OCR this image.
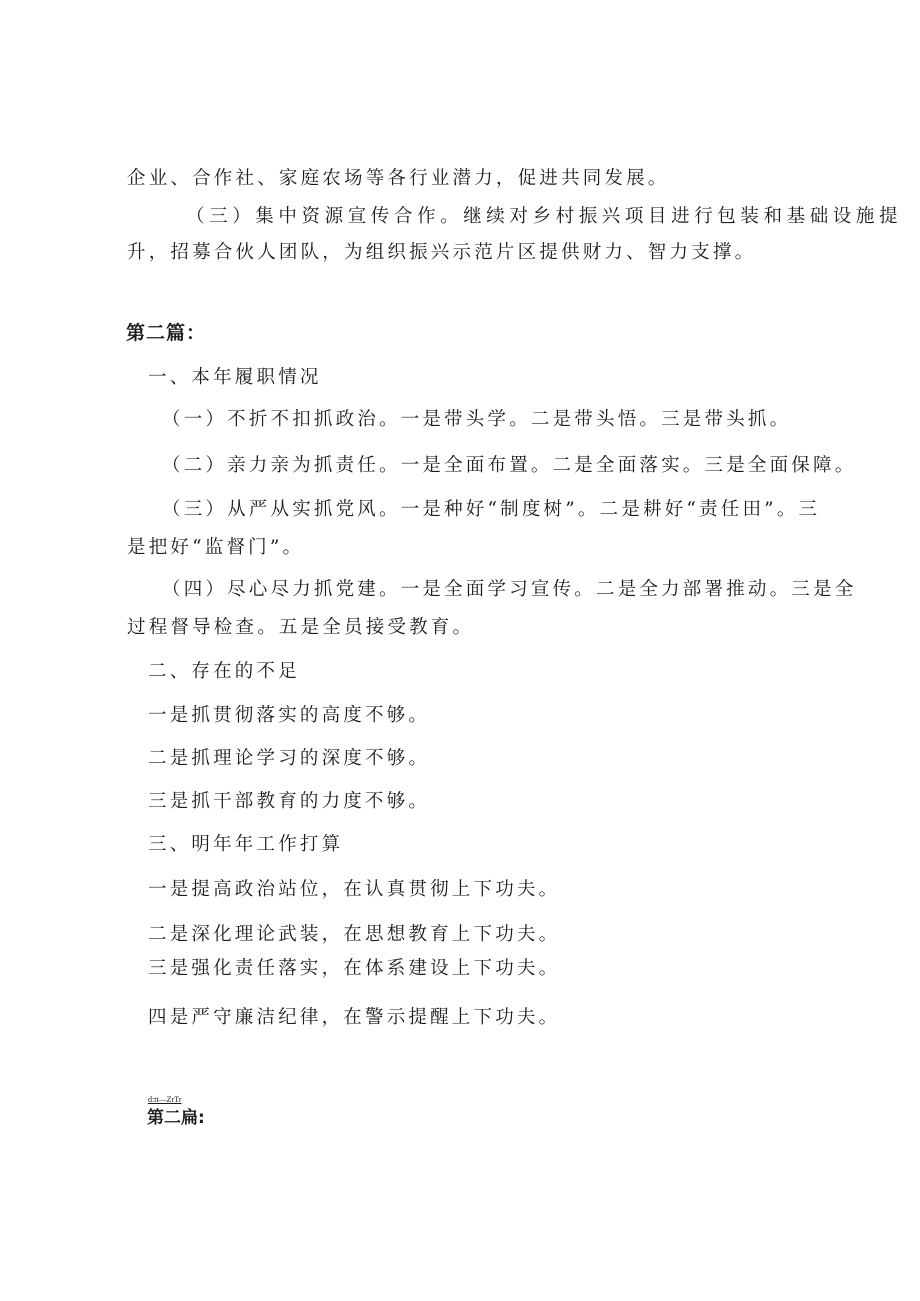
企业、合作社、家庭农场等各行业潜力，促进共同发展。
（三）集中资源宣传合作。继续对乡村振兴项目进行包装和基础设施提
升，招募合伙人团队，为组织振兴示范片区提供财力、智力支撑。
第二篇：
一、本年履职情况
（一）不折不扣抓政治。一是带头学。二是带头悟。三是带头抓。
（二）亲力亲为抓责任。一是全面布置。二是全面落实。三是全面保障。
（三）从严从实抓党风。一是种好“制度树”。二是耕好“责任田”。三
是把好“监督门”。
（四）尽心尽力抓党建。一是全面学习宣传。二是全力部署推动。三是全
过程督导检查。五是全员接受教育。
二、存在的不足
一是抓贯彻落实的高度不够。
二是抓理论学习的深度不够。
三是抓干部教育的力度不够。
三、明年年工作打算
一是提高政治站位，在认真贯彻上下功夫。
二是深化理论武装，在思想教育上下功夫。
三是强化责任落实，在体系建设上下功夫。
四是严守廉洁纪律，在警示提醒上下功夫。
d:tt—ZrTr
第二扁:
